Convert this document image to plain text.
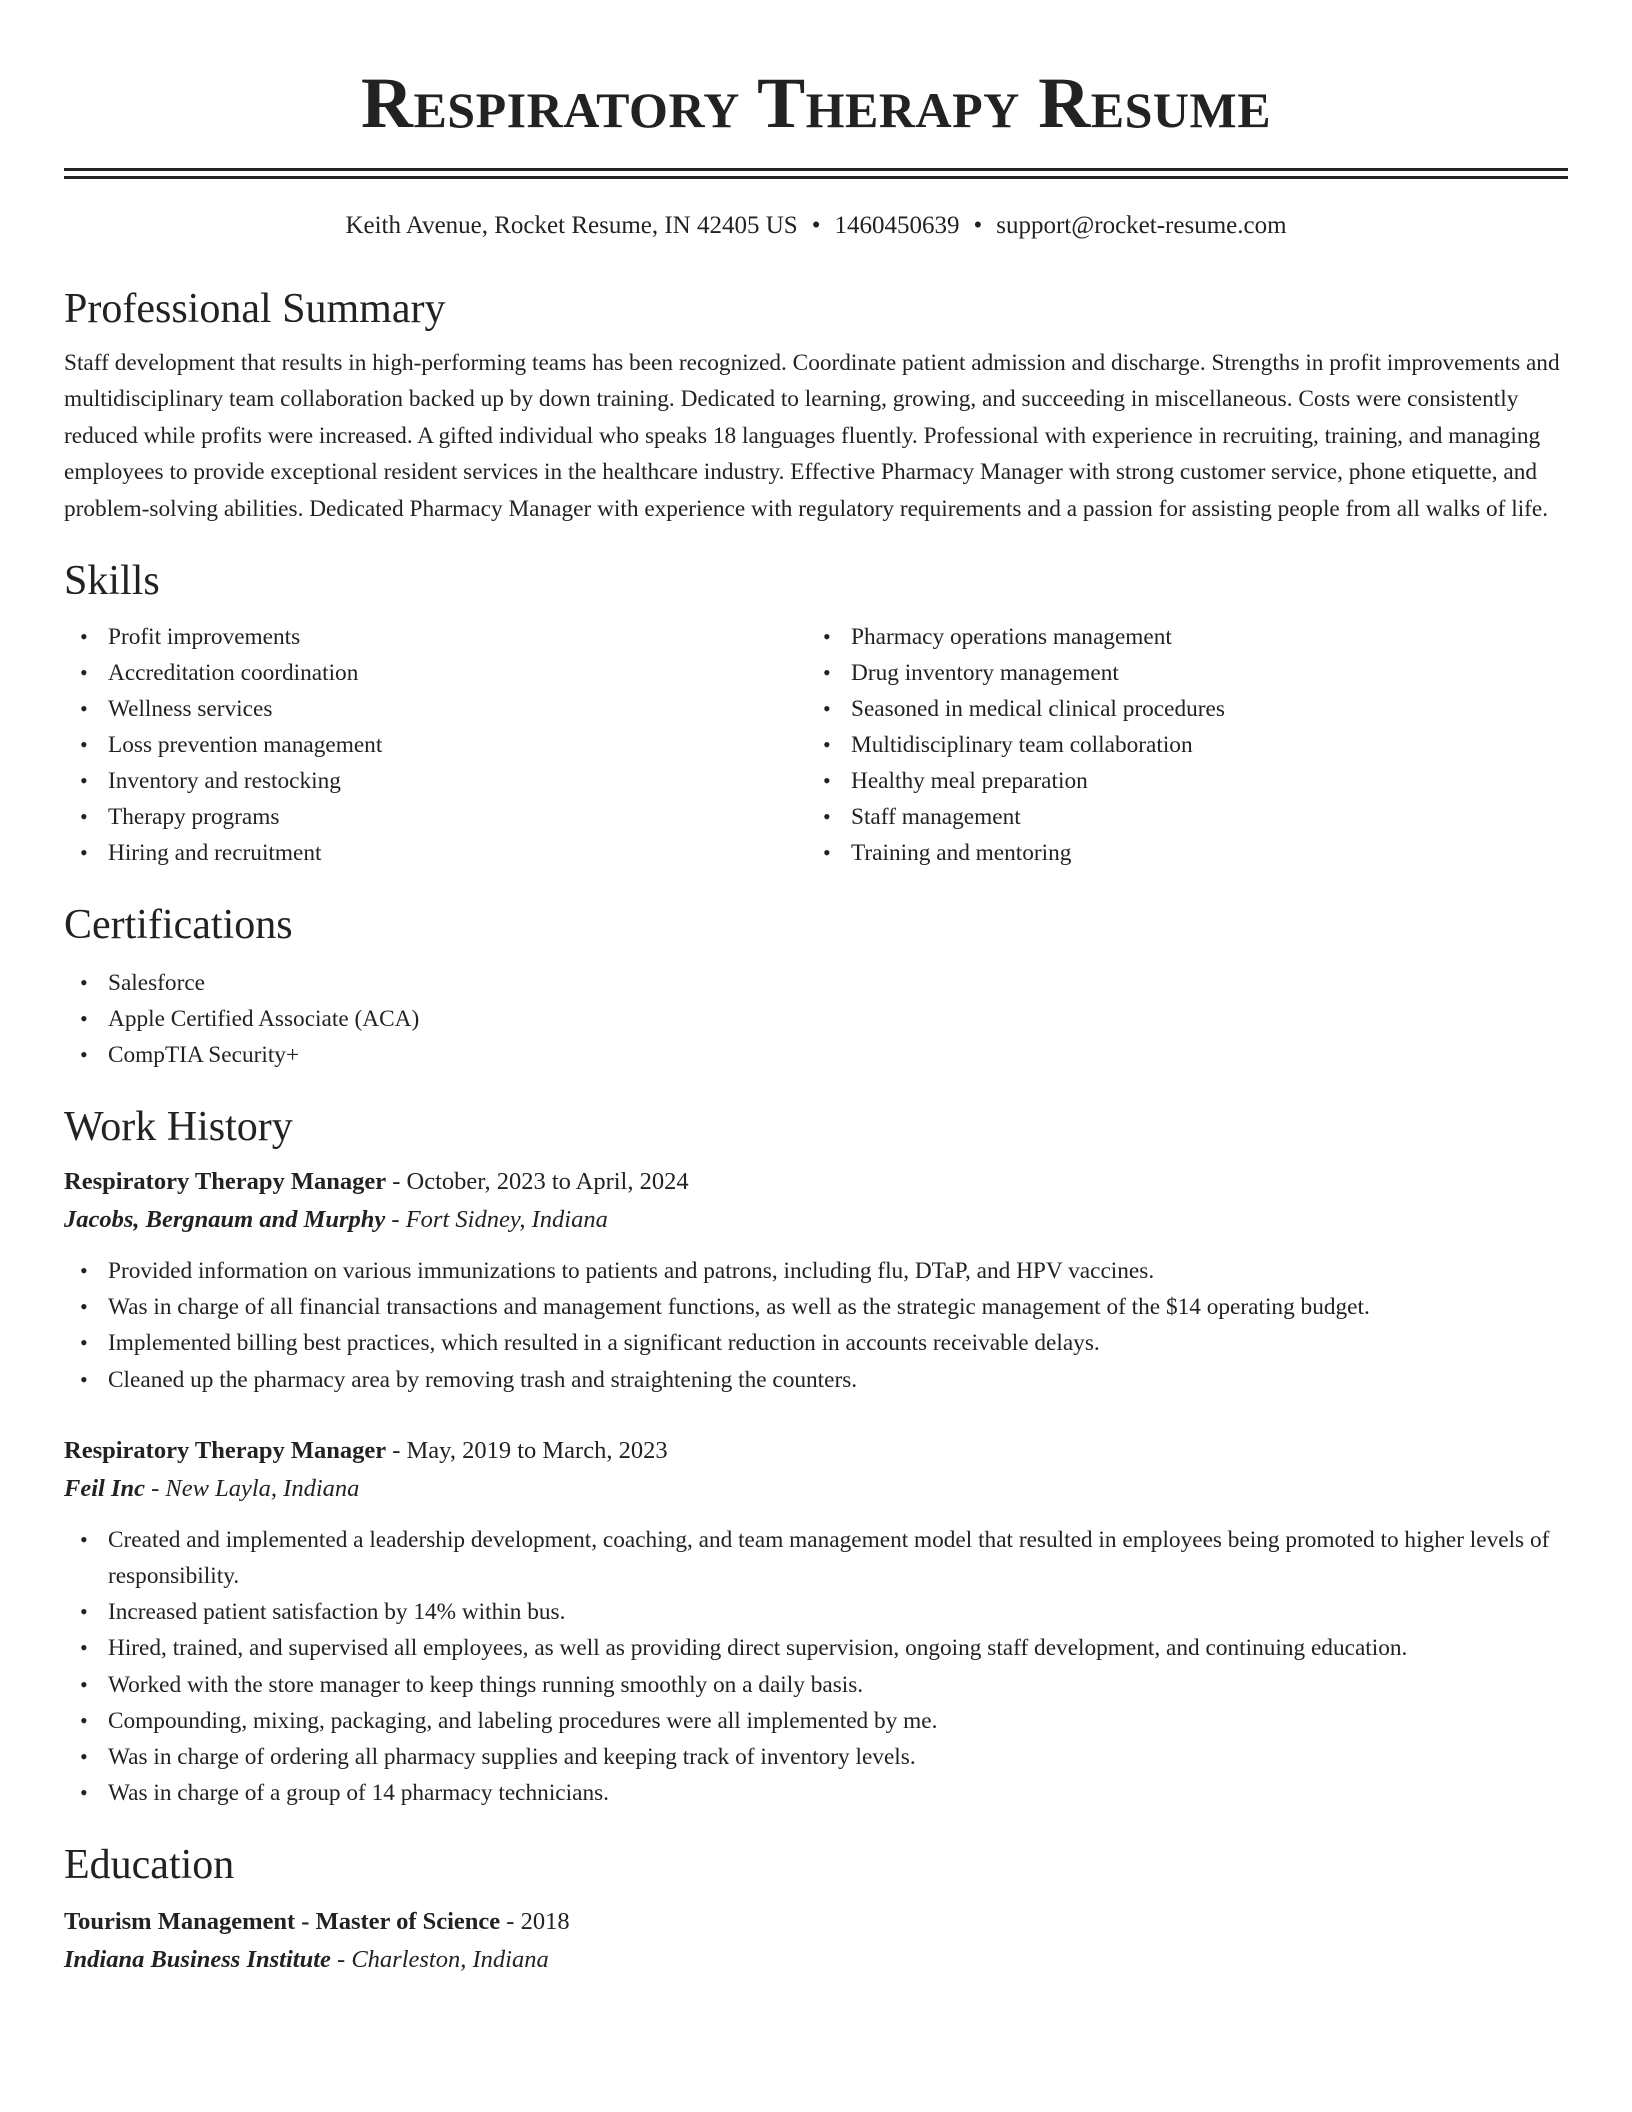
Respiratory Therapy Resume
Keith Avenue, Rocket Resume, IN 42405 US • 1460450639 • support@rocket-resume.com
Professional Summary

Staff development that results in high-performing teams has been recognized. Coordinate patient admission and discharge. Strengths in profit improvements and multidisciplinary team collaboration backed up by down training. Dedicated to learning, growing, and succeeding in miscellaneous. Costs were consistently reduced while profits were increased. A gifted individual who speaks 18 languages fluently. Professional with experience in recruiting, training, and managing employees to provide exceptional resident services in the healthcare industry. Effective Pharmacy Manager with strong customer service, phone etiquette, and problem-solving abilities. Dedicated Pharmacy Manager with experience with regulatory requirements and a passion for assisting people from all walks of life.

Skills
• Profit improvements
• Accreditation coordination
• Wellness services
• Loss prevention management
• Inventory and restocking
• Therapy programs
• Hiring and recruitment
• Pharmacy operations management
• Drug inventory management
• Seasoned in medical clinical procedures
• Multidisciplinary team collaboration
• Healthy meal preparation
• Staff management
• Training and mentoring
Certifications
• Salesforce
• Apple Certified Associate (ACA)
• CompTIA Security+
Work History
Respiratory Therapy Manager - October, 2023 to April, 2024
Jacobs, Bergnaum and Murphy - Fort Sidney, Indiana
• Provided information on various immunizations to patients and patrons, including flu, DTaP, and HPV vaccines.
• Was in charge of all financial transactions and management functions, as well as the strategic management of the $14 operating budget.
• Implemented billing best practices, which resulted in a significant reduction in accounts receivable delays.
• Cleaned up the pharmacy area by removing trash and straightening the counters.
Respiratory Therapy Manager - May, 2019 to March, 2023
Feil Inc - New Layla, Indiana
• Created and implemented a leadership development, coaching, and team management model that resulted in employees being promoted to higher levels of responsibility.
• Increased patient satisfaction by 14% within bus.
• Hired, trained, and supervised all employees, as well as providing direct supervision, ongoing staff development, and continuing education.
• Worked with the store manager to keep things running smoothly on a daily basis.
• Compounding, mixing, packaging, and labeling procedures were all implemented by me.
• Was in charge of ordering all pharmacy supplies and keeping track of inventory levels.
• Was in charge of a group of 14 pharmacy technicians.
Education
Tourism Management - Master of Science - 2018
Indiana Business Institute - Charleston, Indiana
